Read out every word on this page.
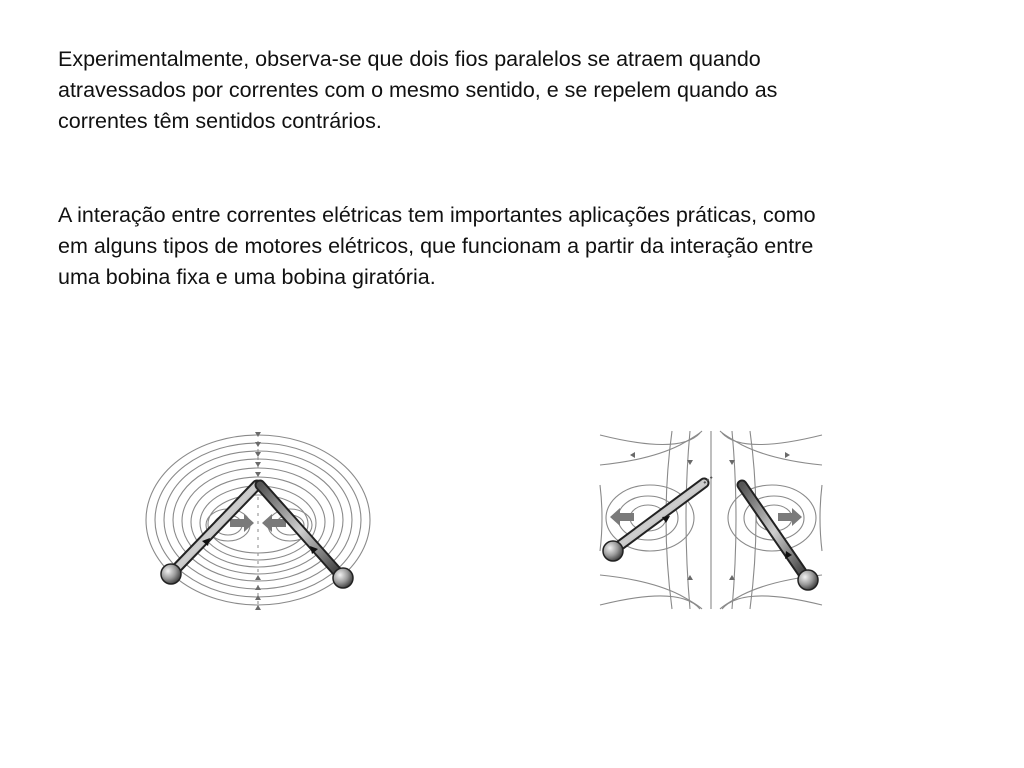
Experimentalmente, observa-se que dois fios paralelos se atraem quando
atravessados por correntes com o mesmo sentido, e se repelem quando as
correntes têm sentidos contrários.

A interação entre correntes elétricas tem importantes aplicações práticas, como
em alguns tipos de motores elétricos, que funcionam a partir da interação entre
uma bobina fixa e uma bobina giratória.
